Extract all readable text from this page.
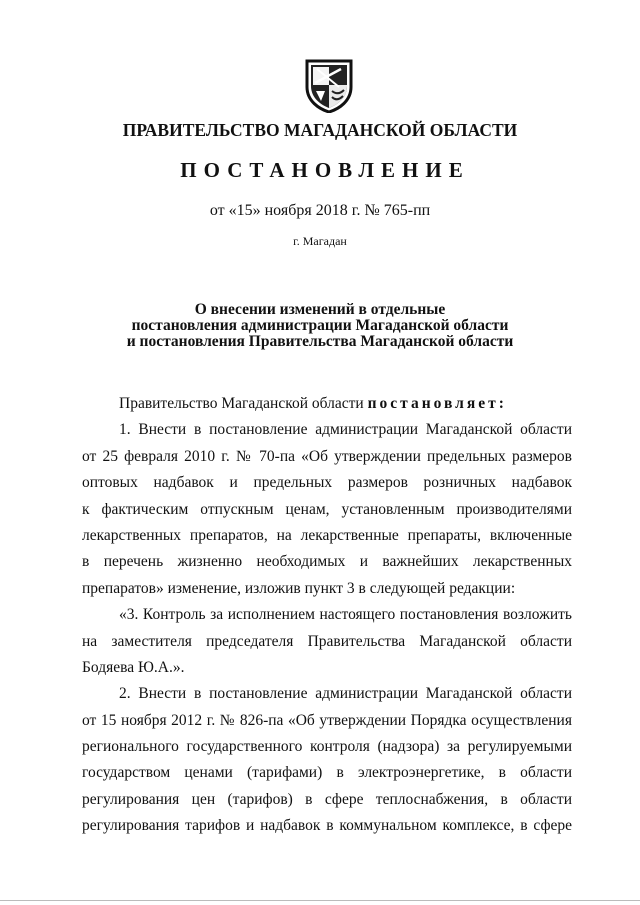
ПРАВИТЕЛЬСТВО МАГАДАНСКОЙ ОБЛАСТИ
ПОСТАНОВЛЕНИЕ
от «15» ноября 2018 г. № 765-пп
г. Магадан
О внесении изменений в отдельные
постановления администрации Магаданской области
и постановления Правительства Магаданской области
Правительство Магаданской области постановляет:
1. Внести в постановление администрации Магаданской области
от 25 февраля 2010 г. № 70-па «Об утверждении предельных размеров
оптовых надбавок и предельных размеров розничных надбавок
к фактическим отпускным ценам, установленным производителями
лекарственных препаратов, на лекарственные препараты, включенные
в перечень жизненно необходимых и важнейших лекарственных
препаратов» изменение, изложив пункт 3 в следующей редакции:
«3. Контроль за исполнением настоящего постановления возложить
на заместителя председателя Правительства Магаданской области
Бодяева Ю.А.».
2. Внести в постановление администрации Магаданской области
от 15 ноября 2012 г. № 826-па «Об утверждении Порядка осуществления
регионального государственного контроля (надзора) за регулируемыми
государством ценами (тарифами) в электроэнергетике, в области
регулирования цен (тарифов) в сфере теплоснабжения, в области
регулирования тарифов и надбавок в коммунальном комплексе, в сфере
